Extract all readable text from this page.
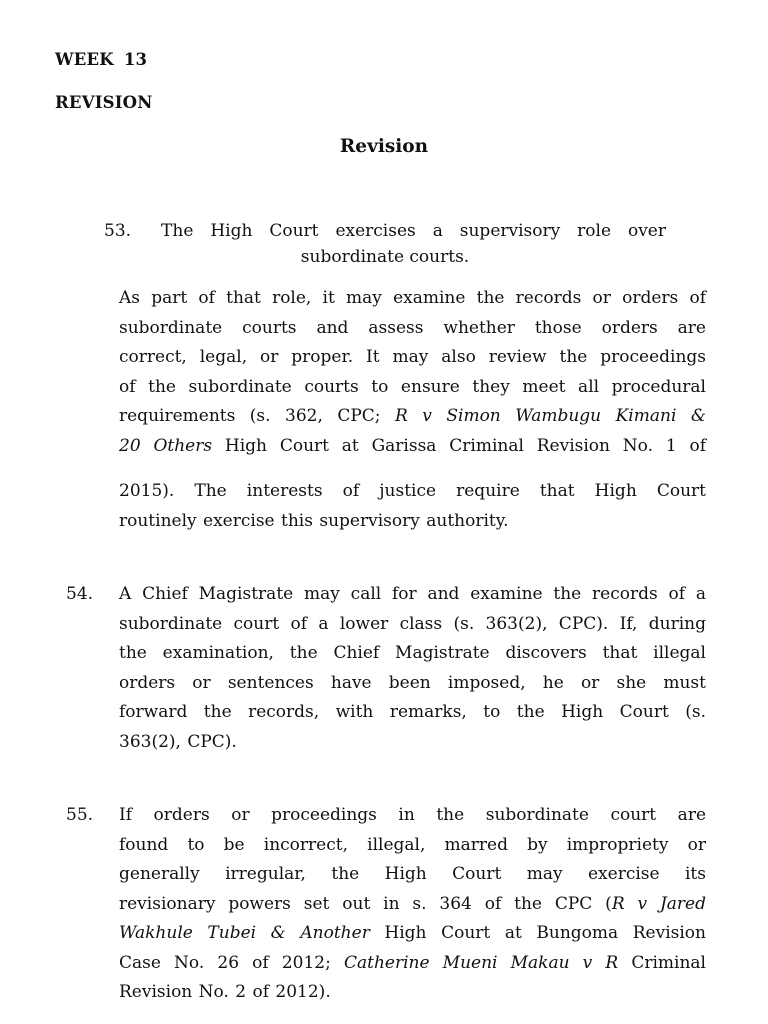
WEEK 13
REVISION
Revision
53. The High Court exercises a supervisory role over
subordinate courts.
As part of that role, it may examine the records or orders of
subordinate courts and assess whether those orders are
correct, legal, or proper. It may also review the proceedings
of the subordinate courts to ensure they meet all procedural
requirements (s. 362, CPC; R v Simon Wambugu Kimani &
20 Others High Court at Garissa Criminal Revision No. 1 of
2015). The interests of justice require that High Court
routinely exercise this supervisory authority.
54. A Chief Magistrate may call for and examine the records of a
subordinate court of a lower class (s. 363(2), CPC). If, during
the examination, the Chief Magistrate discovers that illegal
orders or sentences have been imposed, he or she must
forward the records, with remarks, to the High Court (s.
363(2), CPC).
55. If orders or proceedings in the subordinate court are
found to be incorrect, illegal, marred by impropriety or
generally irregular, the High Court may exercise its
revisionary powers set out in s. 364 of the CPC (R v Jared
Wakhule Tubei & Another High Court at Bungoma Revision
Case No. 26 of 2012; Catherine Mueni Makau v R Criminal
Revision No. 2 of 2012).
